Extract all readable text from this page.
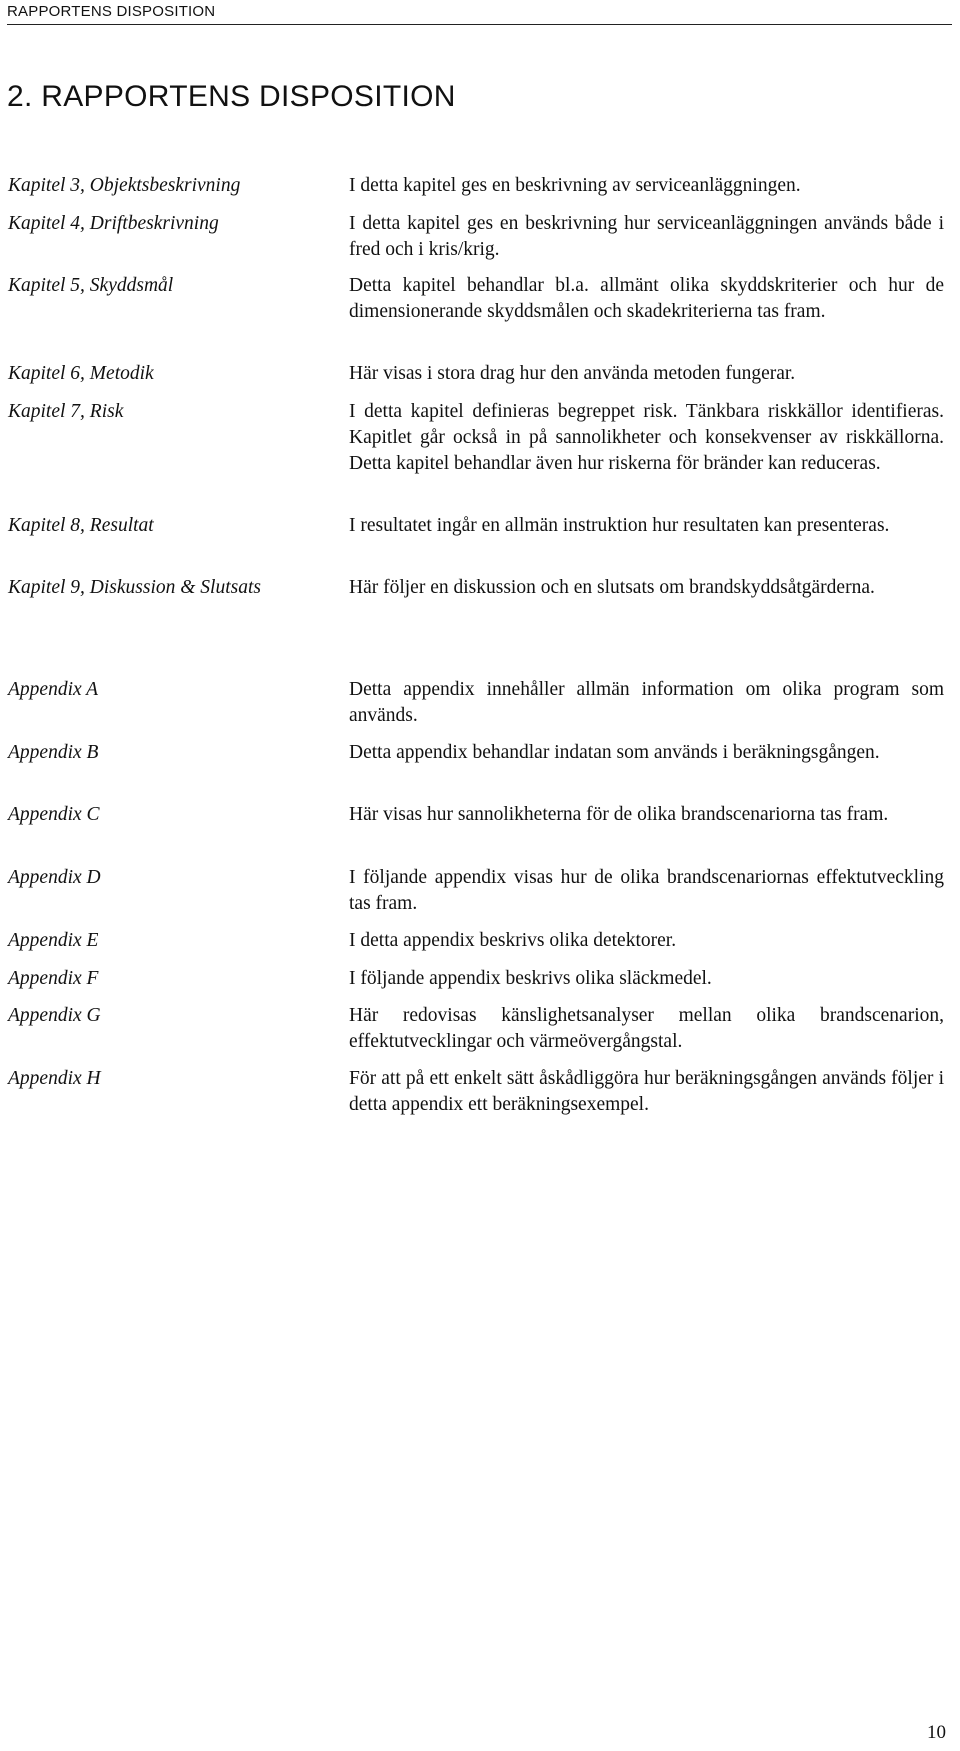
RAPPORTENS DISPOSITION
2. RAPPORTENS DISPOSITION
Kapitel 3, Objektsbeskrivning	I detta kapitel ges en beskrivning av serviceanläggningen.
Kapitel 4, Driftbeskrivning	I detta kapitel ges en beskrivning hur serviceanläggningen används både i fred och i kris/krig.
Kapitel 5, Skyddsmål	Detta kapitel behandlar bl.a. allmänt olika skyddskriterier och hur de dimensionerande skyddsmålen och skadekriterierna tas fram.
Kapitel 6, Metodik	Här visas i stora drag hur den använda metoden fungerar.
Kapitel 7, Risk	I detta kapitel definieras begreppet risk. Tänkbara riskkällor identifieras. Kapitlet går också in på sannolikheter och konsekvenser av riskkällorna. Detta kapitel behandlar även hur riskerna för bränder kan reduceras.
Kapitel 8, Resultat	I resultatet ingår en allmän instruktion hur resultaten kan presenteras.
Kapitel 9, Diskussion & Slutsats	Här följer en diskussion och en slutsats om brandskyddsåtgärderna.
Appendix A	Detta appendix innehåller allmän information om olika program som används.
Appendix B	Detta appendix behandlar indatan som används i beräkningsgången.
Appendix C	Här visas hur sannolikheterna för de olika brandscenariorna tas fram.
Appendix D	I följande appendix visas hur de olika brandscenariornas effektutveckling tas fram.
Appendix E	I detta appendix beskrivs olika detektorer.
Appendix F	I följande appendix beskrivs olika släckmedel.
Appendix G	Här redovisas känslighetsanalyser mellan olika brandscenarion, effektutvecklingar och värmeövergångstal.
Appendix H	För att på ett enkelt sätt åskådliggöra hur beräkningsgången används följer i detta appendix ett beräkningsexempel.
10
